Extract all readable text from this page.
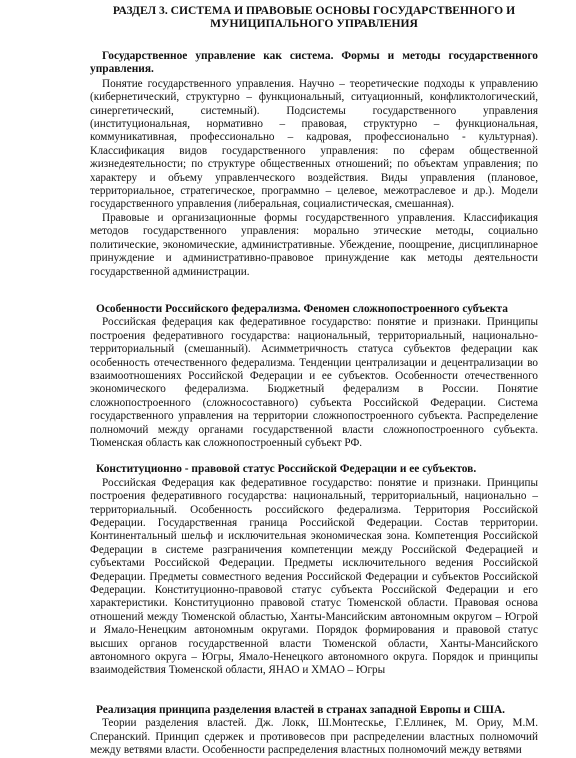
РАЗДЕЛ 3. СИСТЕМА И ПРАВОВЫЕ ОСНОВЫ ГОСУДАРСТВЕННОГО И МУНИЦИПАЛЬНОГО УПРАВЛЕНИЯ

Государственное управление как система. Формы и методы государственного управления.

Понятие государственного управления. Научно – теоретические подходы к управлению (кибернетический, структурно – функциональный, ситуационный, конфликтологический, синергетический, системный). Подсистемы государственного управления (институциональная, нормативно – правовая, структурно – функциональная, коммуникативная, профессионально – кадровая, профессионально - культурная). Классификация видов государственного управления: по сферам общественной жизнедеятельности; по структуре общественных отношений; по объектам управления; по характеру и объему управленческого воздействия. Виды управления (плановое, территориальное, стратегическое, программно – целевое, межотраслевое и др.). Модели государственного управления (либеральная, социалистическая, смешанная).

Правовые и организационные формы государственного управления. Классификация методов государственного управления: морально этические методы, социально политические, экономические, административные. Убеждение, поощрение, дисциплинарное принуждение и административно-правовое принуждение как методы деятельности государственной администрации.

Особенности Российского федерализма. Феномен сложнопостроенного субъекта

Российская федерация как федеративное государство: понятие и признаки. Принципы построения федеративного государства: национальный, территориальный, национально-территориальный (смешанный). Асимметричность статуса субъектов федерации как особенность отечественного федерализма. Тенденции централизации и децентрализации во взаимоотношениях Российской Федерации и ее субъектов. Особенности отечественного экономического федерализма. Бюджетный федерализм в России. Понятие сложнопостроенного (сложносоставного) субъекта Российской Федерации. Система государственного управления на территории сложнопостроенного субъекта. Распределение полномочий между органами государственной власти сложнопостроенного субъекта. Тюменская область как сложнопостроенный субъект РФ.

Конституционно - правовой статус Российской Федерации и ее субъектов.

Российская Федерация как федеративное государство: понятие и признаки. Принципы построения федеративного государства: национальный, территориальный, национально – территориальный. Особенность российского федерализма. Территория Российской Федерации. Государственная граница Российской Федерации. Состав территории. Континентальный шельф и исключительная экономическая зона. Компетенция Российской Федерации в системе разграничения компетенции между Российской Федерацией и субъектами Российской Федерации. Предметы исключительного ведения Российской Федерации. Предметы совместного ведения Российской Федерации и субъектов Российской Федерации. Конституционно-правовой статус субъекта Российской Федерации и его характеристики. Конституционно правовой статус Тюменской области. Правовая основа отношений между Тюменской областью, Ханты-Мансийским автономным округом – Югрой и Ямало-Ненецким автономным округами. Порядок формирования и правовой статус высших органов государственной власти Тюменской области, Ханты-Мансийского автономного округа – Югры, Ямало-Ненецкого автономного округа. Порядок и принципы взаимодействия Тюменской области, ЯНАО и ХМАО – Югры

Реализация принципа разделения властей в странах западной Европы и США.

Теории разделения властей. Дж. Локк, Ш.Монтескье, Г.Еллинек, М. Ориу, М.М. Сперанский. Принцип сдержек и противовесов при распределении властных полномочий между ветвями власти. Особенности распределения властных полномочий между ветвями
